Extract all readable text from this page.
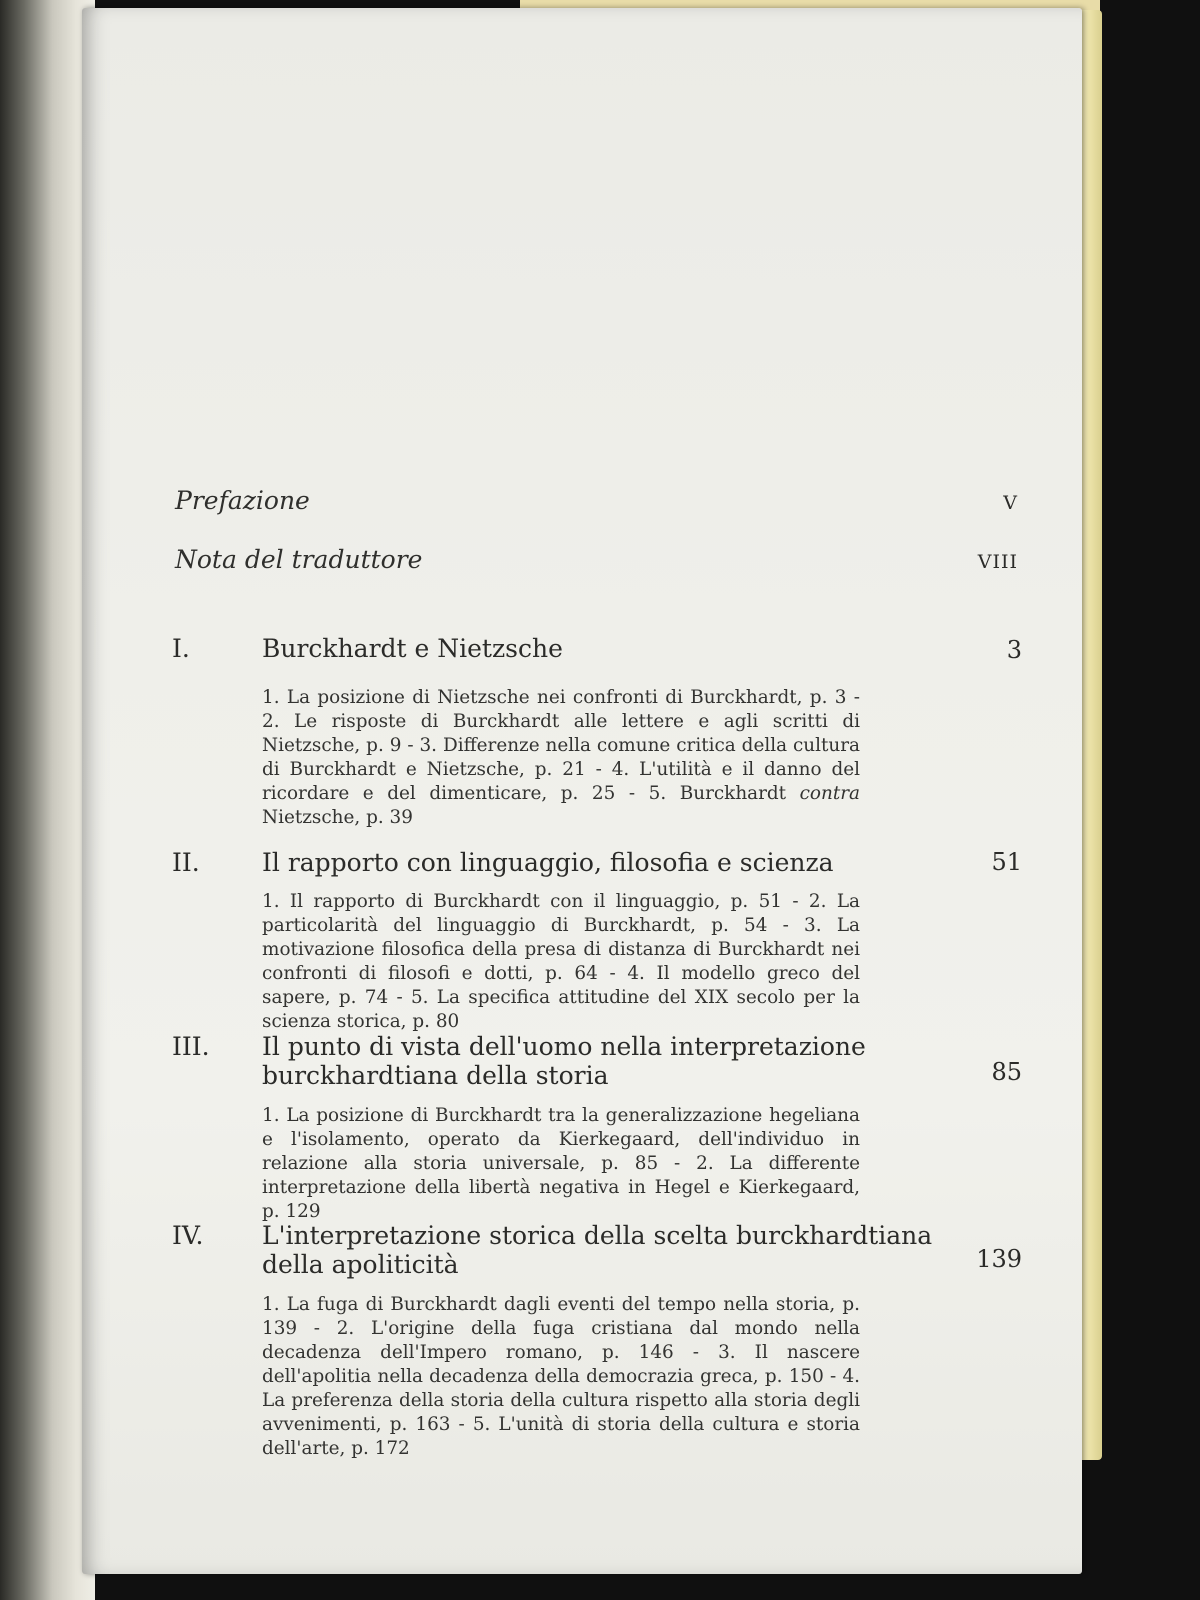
Prefazione	V
Nota del traduttore	VIII
I.	Burckhardt e Nietzsche	3
1. La posizione di Nietzsche nei confronti di Burckhardt, p. 3 - 2. Le risposte di Burckhardt alle lettere e agli scritti di Nietzsche, p. 9 - 3. Differenze nella comune critica della cultura di Burckhardt e Nietzsche, p. 21 - 4. L'utilità e il danno del ricordare e del dimenticare, p. 25 - 5. Burckhardt contra Nietzsche, p. 39
II. Il rapporto con linguaggio, filosofia e scienza	51
1. Il rapporto di Burckhardt con il linguaggio, p. 51 - 2. La particolarità del linguaggio di Burckhardt, p. 54 - 3. La motivazione filosofica della presa di distanza di Burckhardt nei confronti di filosofi e dotti, p. 64 - 4. Il modello greco del sapere, p. 74 - 5. La specifica attitudine del XIX secolo per la scienza storica, p. 80
III. Il punto di vista dell'uomo nella interpretazione burckhardtiana della storia	85
1. La posizione di Burckhardt tra la generalizzazione hegeliana e l'isolamento, operato da Kierkegaard, dell'individuo in relazione alla storia universale, p. 85 - 2. La differente interpretazione della libertà negativa in Hegel e Kierkegaard, p. 129
IV. L'interpretazione storica della scelta burckhardtiana della apoliticità	139
1. La fuga di Burckhardt dagli eventi del tempo nella storia, p. 139 - 2. L'origine della fuga cristiana dal mondo nella decadenza dell'Impero romano, p. 146 - 3. Il nascere dell'apolitia nella decadenza della democrazia greca, p. 150 - 4. La preferenza della storia della cultura rispetto alla storia degli avvenimenti, p. 163 - 5. L'unità di storia della cultura e storia dell'arte, p. 172
